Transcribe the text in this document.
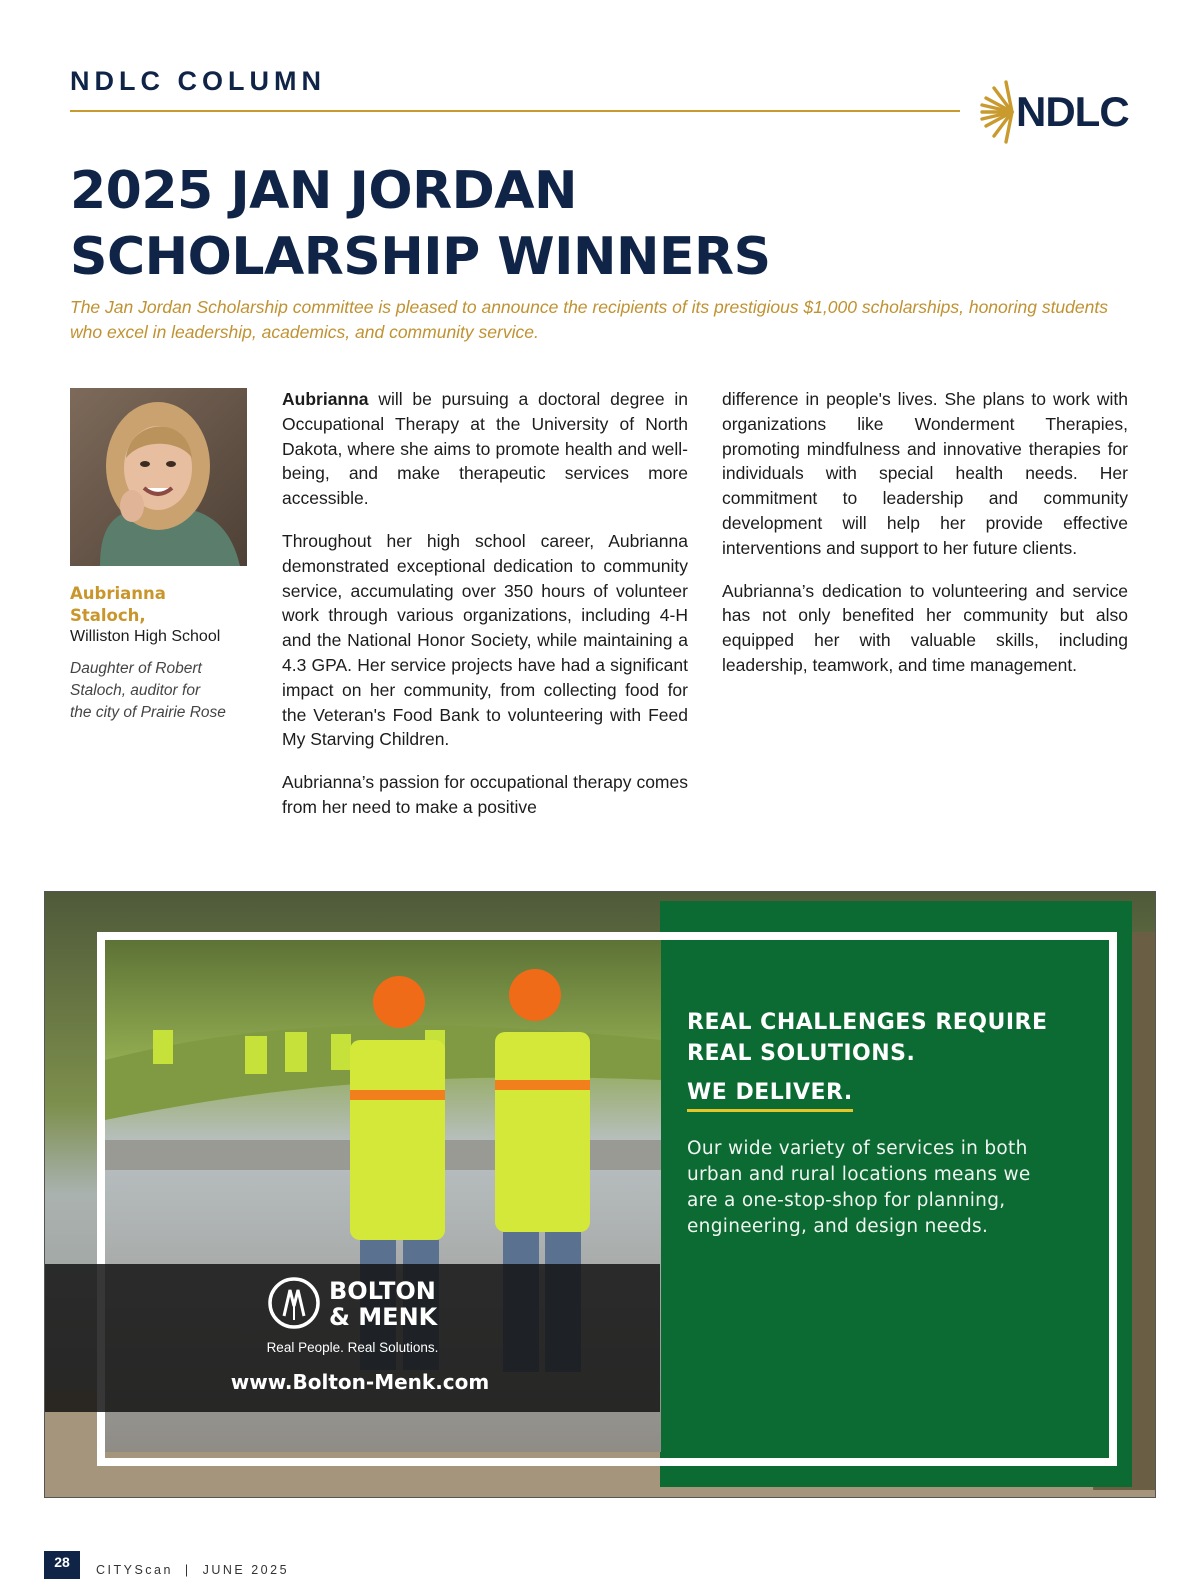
NDLC COLUMN
NDLC
2025 JAN JORDAN
SCHOLARSHIP WINNERS

The Jan Jordan Scholarship committee is pleased to announce the recipients of its prestigious $1,000 scholarships, honoring students who excel in leadership, academics, and community service.

Aubrianna
Staloch,
Williston High School
Daughter of Robert
Staloch, auditor for
the city of Prairie Rose

Aubrianna will be pursuing a doctoral degree in Occupational Therapy at the University of North Dakota, where she aims to promote health and well-being, and make therapeutic services more accessible.

Throughout her high school career, Aubrianna demonstrated exceptional dedication to community service, accumulating over 350 hours of volunteer work through various organizations, including 4-H and the National Honor Society, while maintaining a 4.3 GPA. Her service projects have had a significant impact on her community, from collecting food for the Veteran's Food Bank to volunteering with Feed My Starving Children.

Aubrianna’s passion for occupational therapy comes from her need to make a positive

difference in people's lives. She plans to work with organizations like Wonderment Therapies, promoting mindfulness and innovative therapies for individuals with special health needs. Her commitment to leadership and community development will help her provide effective interventions and support to her future clients.

Aubrianna’s dedication to volunteering and service has not only benefited her community but also equipped her with valuable skills, including leadership, teamwork, and time management.

REAL CHALLENGES REQUIRE
REAL SOLUTIONS.
WE DELIVER.
Our wide variety of services in both urban and rural locations means we are a one-stop-shop for planning, engineering, and design needs.
BOLTON
& MENK
Real People. Real Solutions.
www.Bolton-Menk.com
28	CITYScan  |  JUNE 2025
